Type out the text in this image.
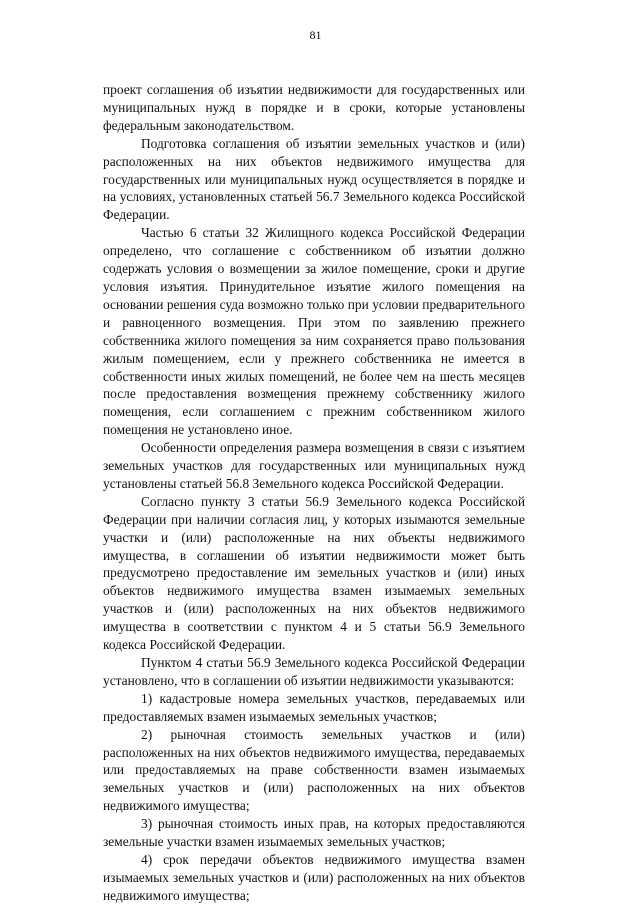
81

проект соглашения об изъятии недвижимости для государственных или муниципальных нужд в порядке и в сроки, которые установлены федеральным законодательством.

Подготовка соглашения об изъятии земельных участков и (или) расположенных на них объектов недвижимого имущества для государственных или муниципальных нужд осуществляется в порядке и на условиях, установленных статьей 56.7 Земельного кодекса Российской Федерации.

Частью 6 статьи 32 Жилищного кодекса Российской Федерации определено, что соглашение с собственником об изъятии должно содержать условия о возмещении за жилое помещение, сроки и другие условия изъятия. Принудительное изъятие жилого помещения на основании решения суда возможно только при условии предварительного и равноценного возмещения. При этом по заявлению прежнего собственника жилого помещения за ним сохраняется право пользования жилым помещением, если у прежнего собственника не имеется в собственности иных жилых помещений, не более чем на шесть месяцев после предоставления возмещения прежнему собственнику жилого помещения, если соглашением с прежним собственником жилого помещения не установлено иное.

Особенности определения размера возмещения в связи с изъятием земельных участков для государственных или муниципальных нужд установлены статьей 56.8 Земельного кодекса Российской Федерации.

Согласно пункту 3 статьи 56.9 Земельного кодекса Российской Федерации при наличии согласия лиц, у которых изымаются земельные участки и (или) расположенные на них объекты недвижимого имущества, в соглашении об изъятии недвижимости может быть предусмотрено предоставление им земельных участков и (или) иных объектов недвижимого имущества взамен изымаемых земельных участков и (или) расположенных на них объектов недвижимого имущества в соответствии с пунктом 4 и 5 статьи 56.9 Земельного кодекса Российской Федерации.

Пунктом 4 статьи 56.9 Земельного кодекса Российской Федерации установлено, что в соглашении об изъятии недвижимости указываются:

1) кадастровые номера земельных участков, передаваемых или предоставляемых взамен изымаемых земельных участков;

2) рыночная стоимость земельных участков и (или) расположенных на них объектов недвижимого имущества, передаваемых или предоставляемых на праве собственности взамен изымаемых земельных участков и (или) расположенных на них объектов недвижимого имущества;

3) рыночная стоимость иных прав, на которых предоставляются земельные участки взамен изымаемых земельных участков;

4) срок передачи объектов недвижимого имущества взамен изымаемых земельных участков и (или) расположенных на них объектов недвижимого имущества;
